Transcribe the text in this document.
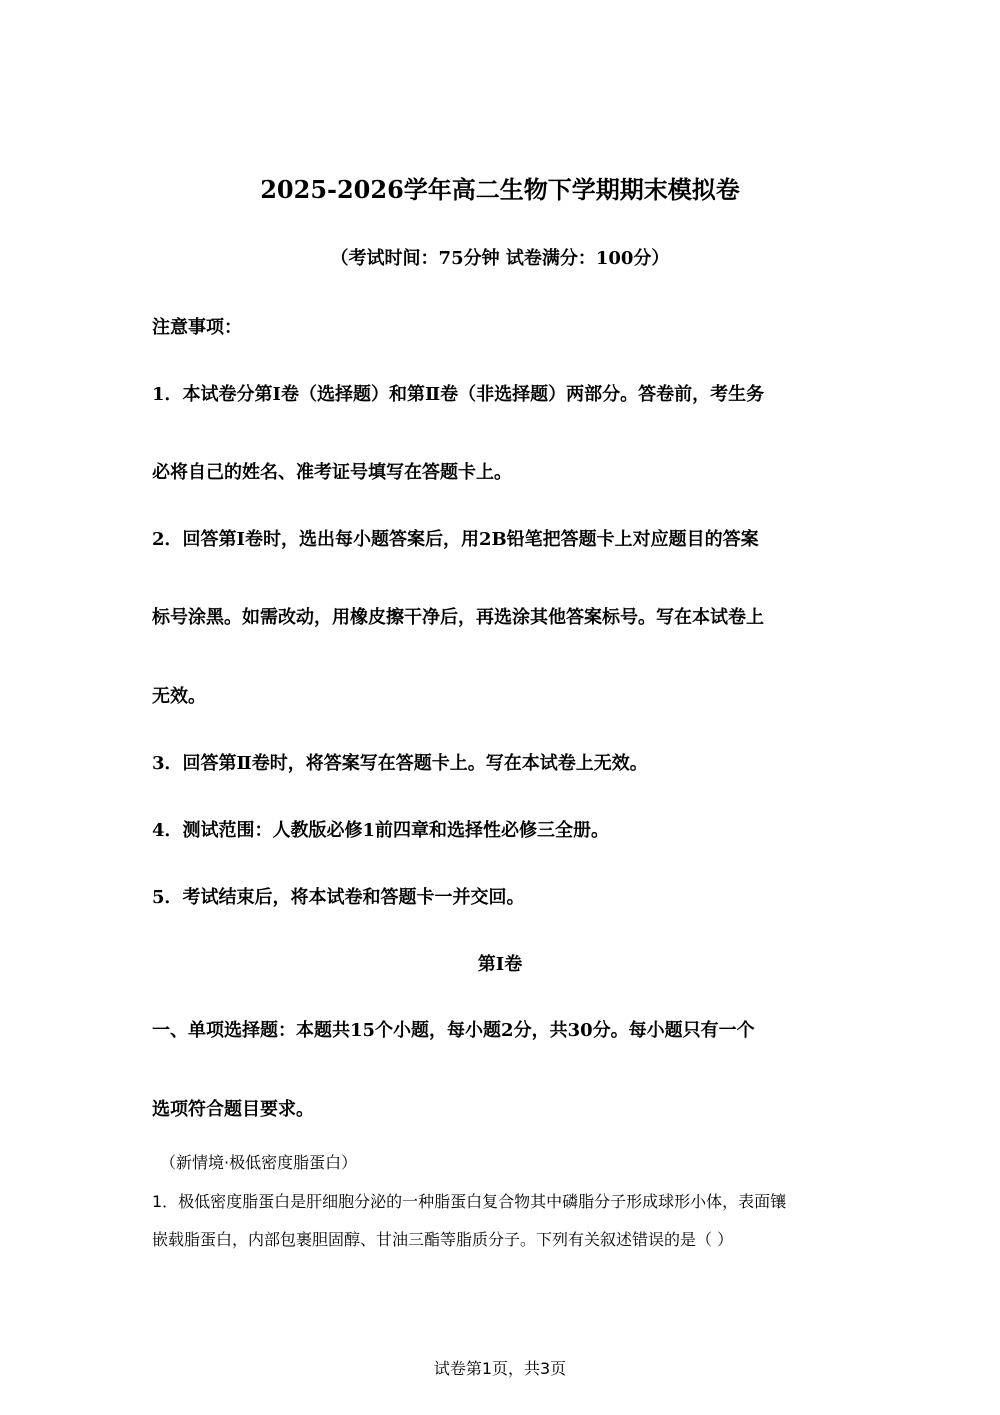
2025-2026学年高二生物下学期期末模拟卷
（考试时间：75分钟 试卷满分：100分）
注意事项：
1．本试卷分第Ⅰ卷（选择题）和第Ⅱ卷（非选择题）两部分。答卷前，考生务
必将自己的姓名、准考证号填写在答题卡上。
2．回答第Ⅰ卷时，选出每小题答案后，用2B铅笔把答题卡上对应题目的答案
标号涂黑。如需改动，用橡皮擦干净后，再选涂其他答案标号。写在本试卷上
无效。
3．回答第Ⅱ卷时，将答案写在答题卡上。写在本试卷上无效。
4．测试范围：人教版必修1前四章和选择性必修三全册。
5．考试结束后，将本试卷和答题卡一并交回。
第Ⅰ卷
一、单项选择题：本题共15个小题，每小题2分，共30分。每小题只有一个
选项符合题目要求。
（新情境·极低密度脂蛋白）
1．极低密度脂蛋白是肝细胞分泌的一种脂蛋白复合物其中磷脂分子形成球形小体，表面镶
嵌载脂蛋白，内部包裹胆固醇、甘油三酯等脂质分子。下列有关叙述错误的是（ ）
试卷第1页，共3页
